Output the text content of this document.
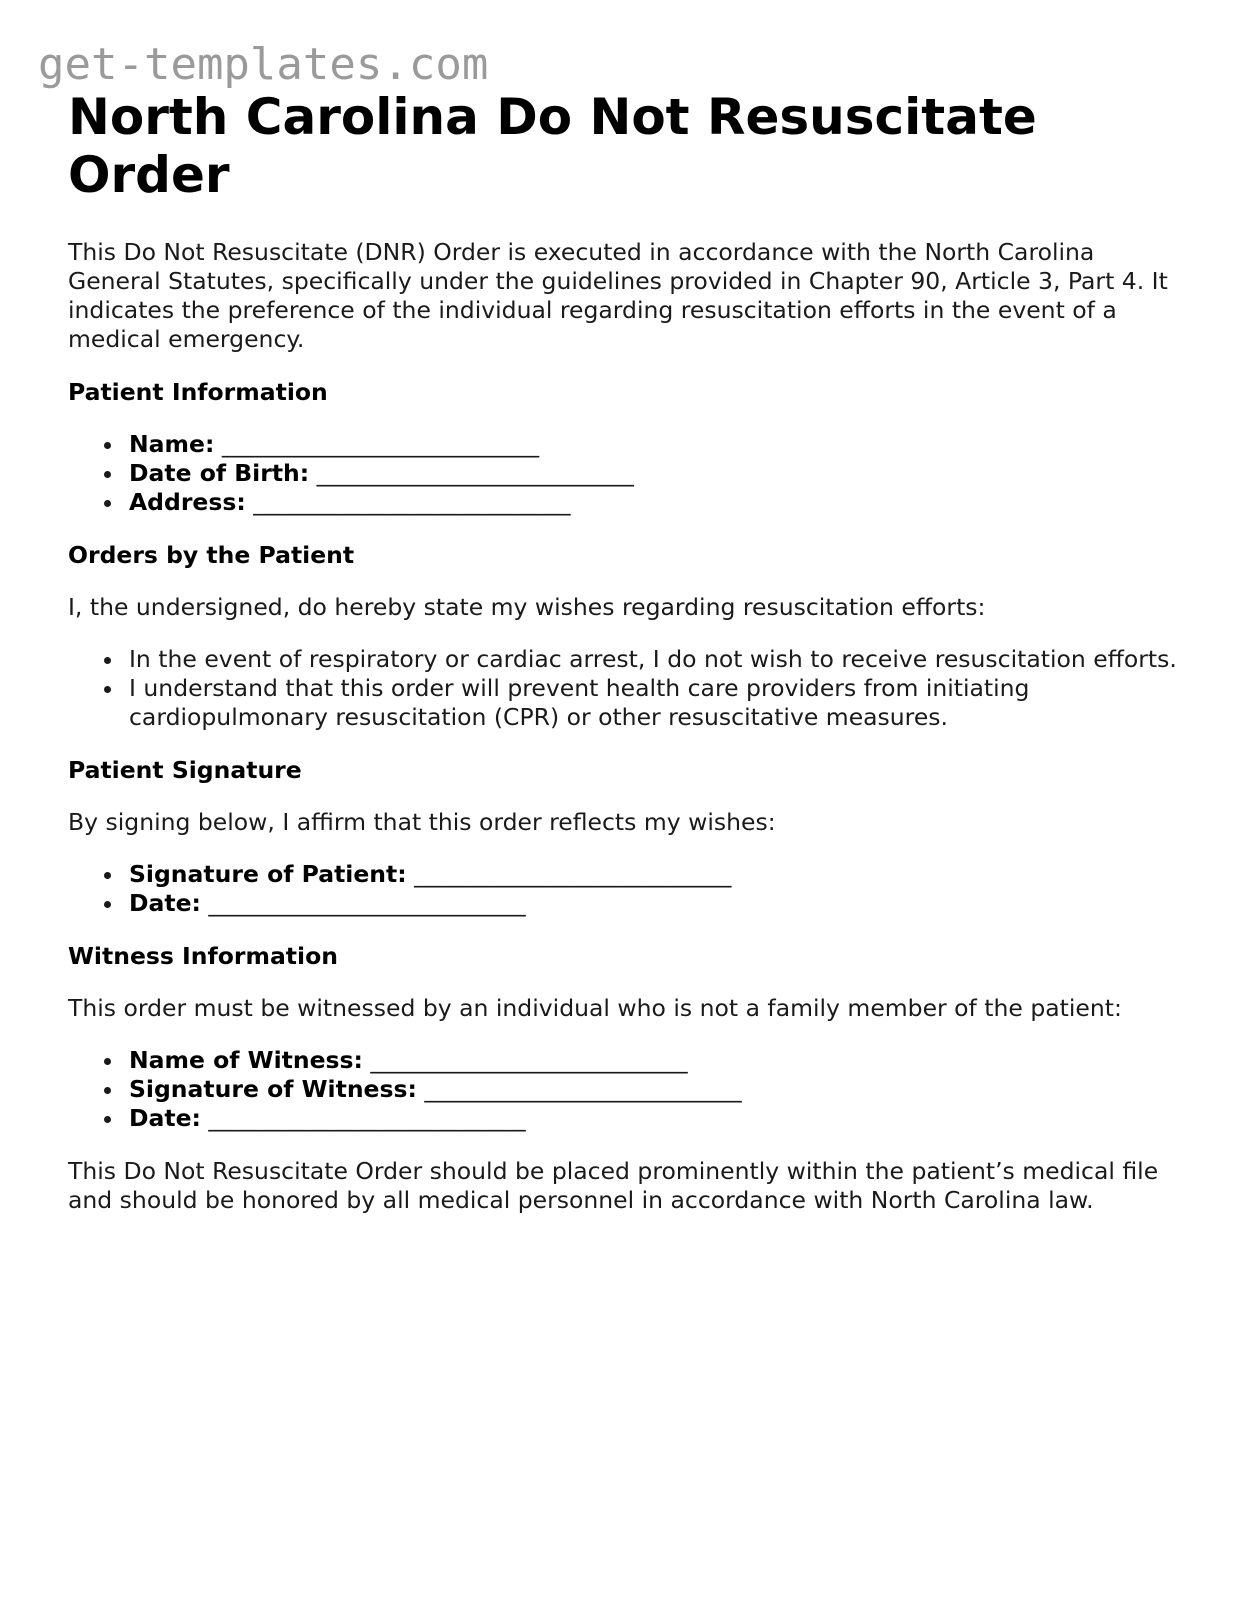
get-templates.com
North Carolina Do Not Resuscitate Order

This Do Not Resuscitate (DNR) Order is executed in accordance with the North Carolina General Statutes, specifically under the guidelines provided in Chapter 90, Article 3, Part 4. It indicates the preference of the individual regarding resuscitation efforts in the event of a medical emergency.

Patient Information
Name: ___________________________
Date of Birth: ___________________________
Address: ___________________________
Orders by the Patient

I, the undersigned, do hereby state my wishes regarding resuscitation efforts:

In the event of respiratory or cardiac arrest, I do not wish to receive resuscitation efforts.
I understand that this order will prevent health care providers from initiating cardiopulmonary resuscitation (CPR) or other resuscitative measures.
Patient Signature

By signing below, I affirm that this order reflects my wishes:

Signature of Patient: ___________________________
Date: ___________________________
Witness Information

This order must be witnessed by an individual who is not a family member of the patient:

Name of Witness: ___________________________
Signature of Witness: ___________________________
Date: ___________________________

This Do Not Resuscitate Order should be placed prominently within the patient’s medical file and should be honored by all medical personnel in accordance with North Carolina law.
